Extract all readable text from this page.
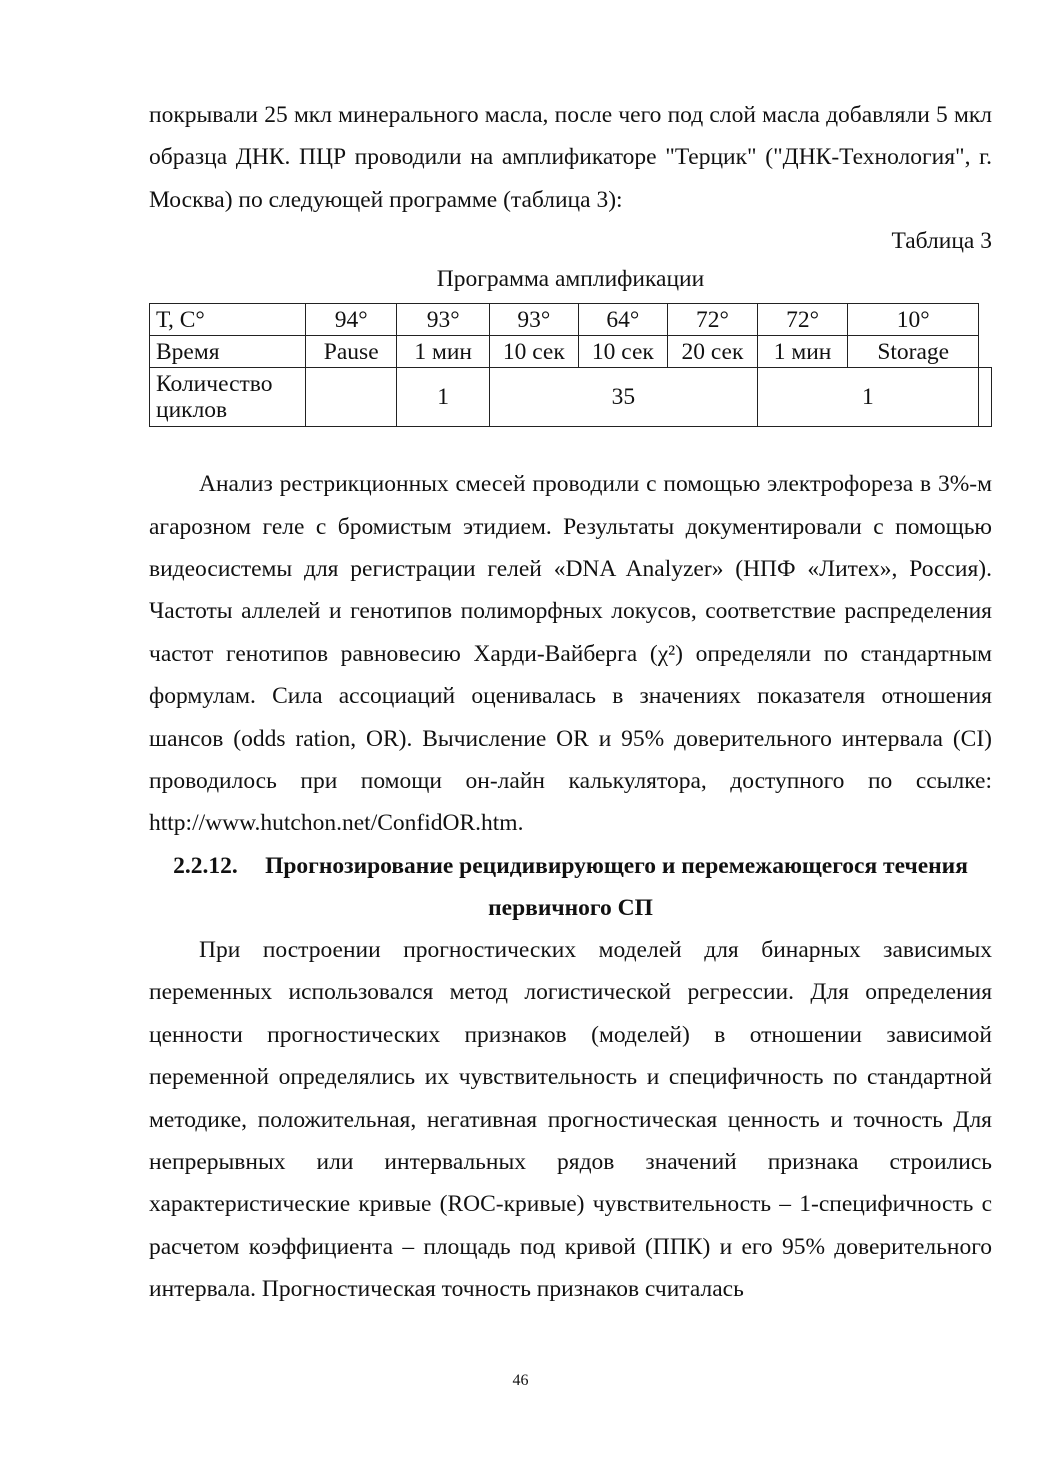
покрывали 25 мкл минерального масла, после чего под слой масла добавляли 5 мкл образца ДНК. ПЦР проводили на амплификаторе "Терцик" ("ДНК-Технология", г. Москва) по следующей программе (таблица 3):

Таблица 3

Программа амплификации

Т, С°	94°	93°	93°	64°	72°	72°	10°	
Время	Pause	1 мин	10 сек	10 сек	20 сек	1 мин	Storage	

Количество
циклов		1	35			1		

Анализ рестрикционных смесей проводили с помощью электрофореза в 3%-м агарозном геле с бромистым этидием. Результаты документировали с помощью видеосистемы для регистрации гелей «DNA Analyzer» (НПФ «Литех», Россия). Частоты аллелей и генотипов полиморфных локусов, соответствие распределения частот генотипов равновесию Харди-Вайберга (χ²) определяли по стандартным формулам. Сила ассоциаций оценивалась в значениях показателя отношения шансов (odds ration, OR). Вычисление OR и 95% доверительного интервала (CI) проводилось при помощи он-лайн калькулятора, доступного по ссылке: http://www.hutchon.net/ConfidOR.htm.

2.2.12. Прогнозирование рецидивирующего и перемежающегося течения
первичного СП

При построении прогностических моделей для бинарных зависимых переменных использовался метод логистической регрессии. Для определения ценности прогностических признаков (моделей) в отношении зависимой переменной определялись их чувствительность и специфичность по стандартной методике, положительная, негативная прогностическая ценность и точность Для непрерывных или интервальных рядов значений признака строились характеристические кривые (ROC-кривые) чувствительность – 1-специфичность с расчетом коэффициента – площадь под кривой (ППК) и его 95% доверительного интервала. Прогностическая точность признаков считалась

46
